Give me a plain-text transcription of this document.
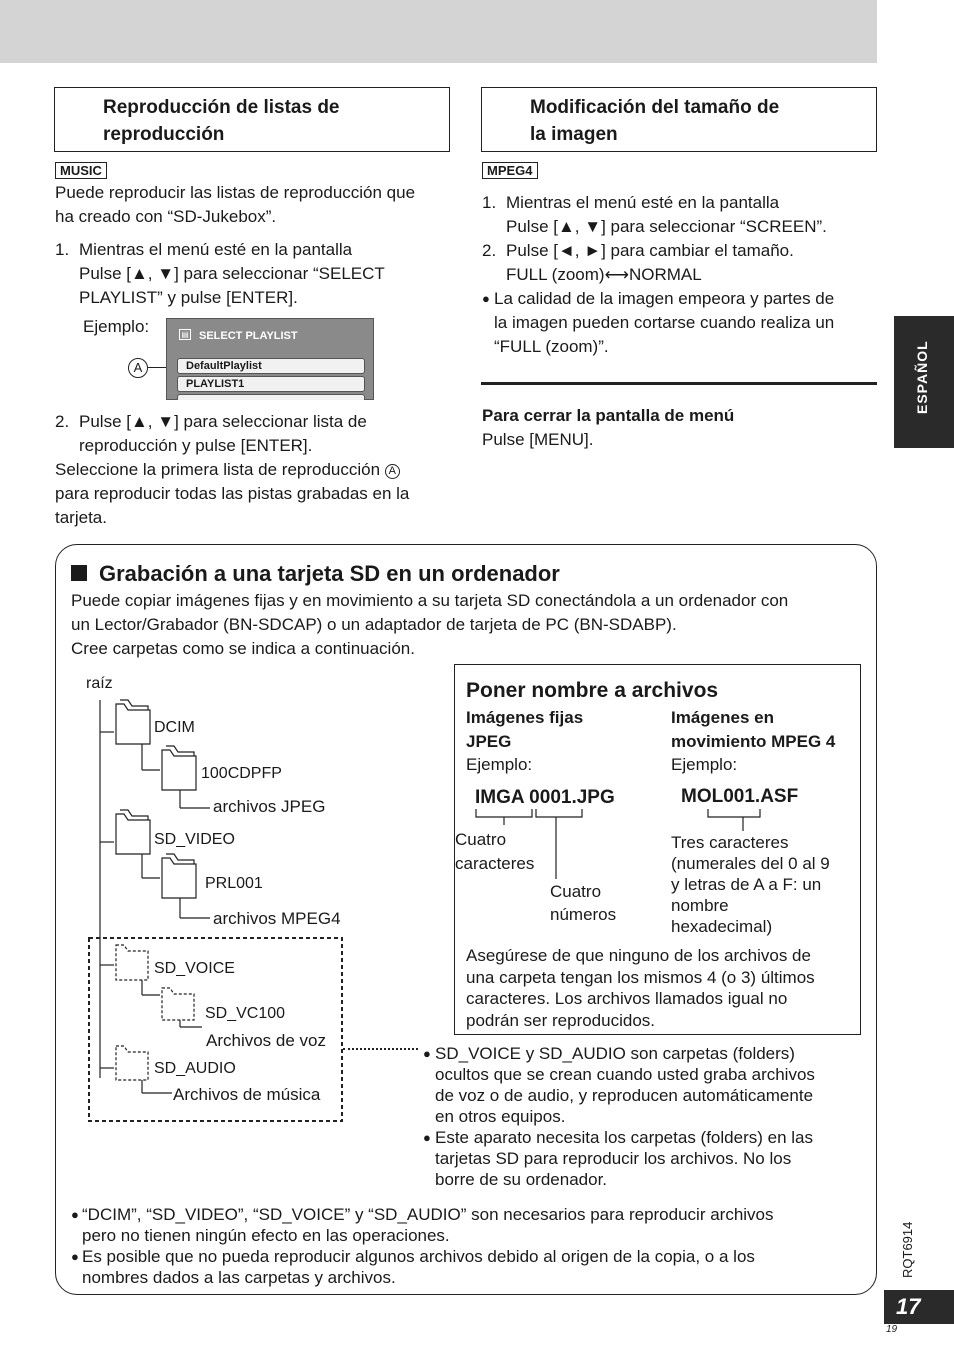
Reproducción de listas de
reproducción
MUSIC
Puede reproducir las listas de reproducción que
ha creado con “SD-Jukebox”.
1. Mientras el menú esté en la pantalla
Pulse [▲, ▼] para seleccionar “SELECT
PLAYLIST” y pulse [ENTER].
Ejemplo:
A
▤ SELECT PLAYLIST
DefaultPlaylist
PLAYLIST1
2. Pulse [▲, ▼] para seleccionar lista de
reproducción y pulse [ENTER].
Seleccione la primera lista de reproducción A
para reproducir todas las pistas grabadas en la
tarjeta.
Modificación del tamaño de
la imagen
MPEG4
1. Mientras el menú esté en la pantalla
Pulse [▲, ▼] para seleccionar “SCREEN”.
2. Pulse [◄, ►] para cambiar el tamaño.
FULL (zoom)⟷NORMAL
● La calidad de la imagen empeora y partes de
la imagen pueden cortarse cuando realiza un
“FULL (zoom)”.
Para cerrar la pantalla de menú
Pulse [MENU].
ESPAÑOL
Grabación a una tarjeta SD en un ordenador
Puede copiar imágenes fijas y en movimiento a su tarjeta SD conectándola a un ordenador con
un Lector/Grabador (BN-SDCAP) o un adaptador de tarjeta de PC (BN-SDABP).
Cree carpetas como se indica a continuación.
raíz
DCIM
100CDPFP
archivos JPEG
SD_VIDEO
PRL001
archivos MPEG4
SD_VOICE
SD_VC100
Archivos de voz
SD_AUDIO
Archivos de música
Poner nombre a archivos
Imágenes fijas
JPEG
Ejemplo:
Imágenes en
movimiento MPEG 4
Ejemplo:
IMGA 0001.JPG	MOL001.ASF
Cuatro
caracteres
Cuatro
números
Tres caracteres
(numerales del 0 al 9
y letras de A a F: un
nombre
hexadecimal)
Asegúrese de que ninguno de los archivos de
una carpeta tengan los mismos 4 (o 3) últimos
caracteres. Los archivos llamados igual no
podrán ser reproducidos.
● SD_VOICE y SD_AUDIO son carpetas (folders)
ocultos que se crean cuando usted graba archivos
de voz o de audio, y reproducen automáticamente
en otros equipos.
● Este aparato necesita los carpetas (folders) en las
tarjetas SD para reproducir los archivos. No los
borre de su ordenador.
● “DCIM”, “SD_VIDEO”, “SD_VOICE” y “SD_AUDIO” son necesarios para reproducir archivos
pero no tienen ningún efecto en las operaciones.
● Es posible que no pueda reproducir algunos archivos debido al origen de la copia, o a los
nombres dados a las carpetas y archivos.	RQT6914
17
19
